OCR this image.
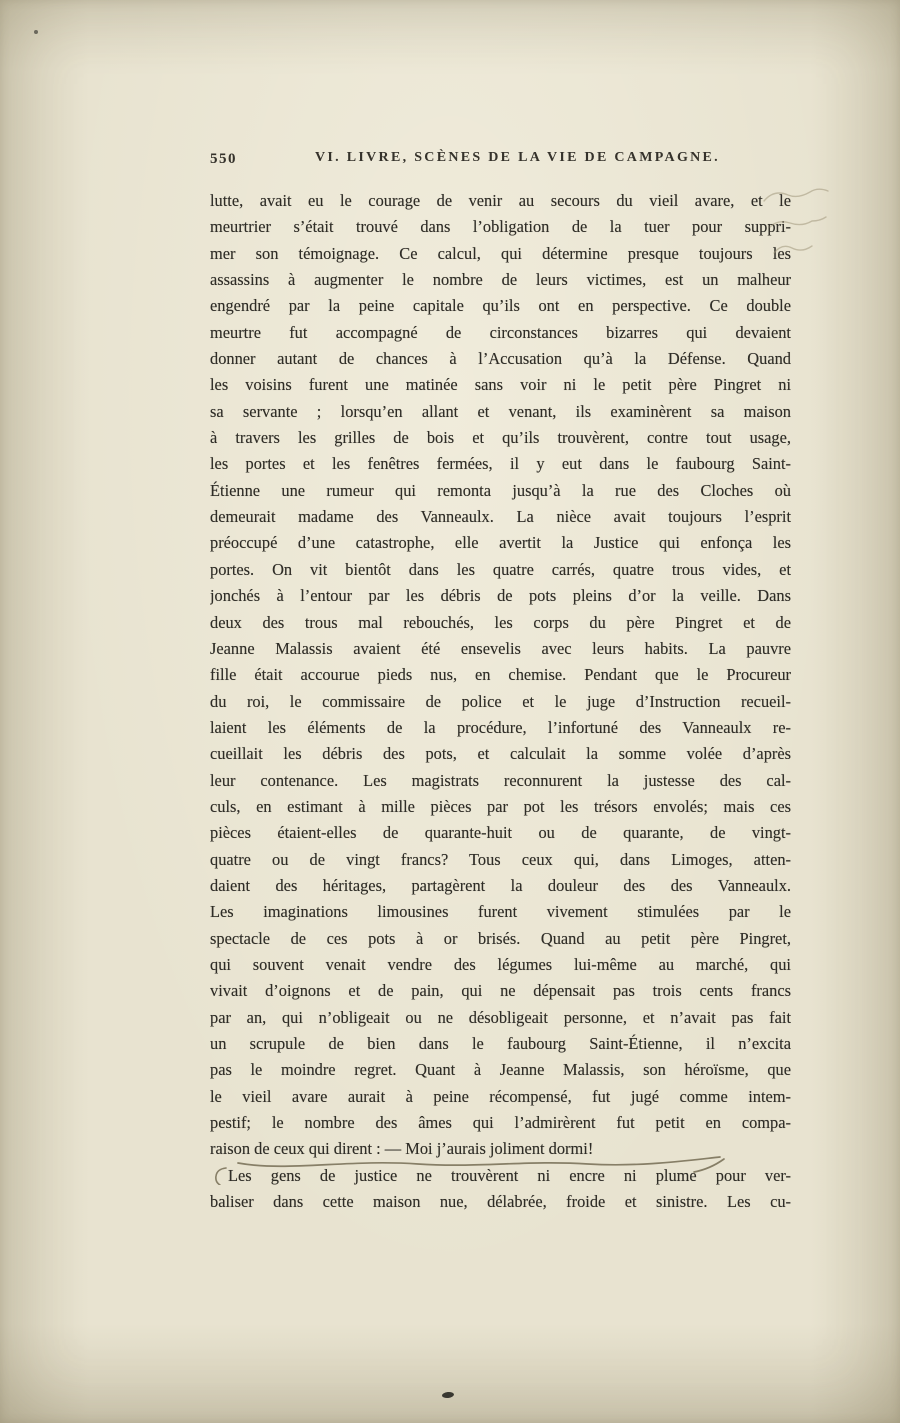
550	VI. LIVRE, SCÈNES DE LA VIE DE CAMPAGNE.
lutte, avait eu le courage de venir au secours du vieil avare, et le
meurtrier s’était trouvé dans l’obligation de la tuer pour suppri-
mer son témoignage. Ce calcul, qui détermine presque toujours les
assassins à augmenter le nombre de leurs victimes, est un malheur
engendré par la peine capitale qu’ils ont en perspective. Ce double
meurtre fut accompagné de circonstances bizarres qui devaient
donner autant de chances à l’Accusation qu’à la Défense. Quand
les voisins furent une matinée sans voir ni le petit père Pingret ni
sa servante ; lorsqu’en allant et venant, ils examinèrent sa maison
à travers les grilles de bois et qu’ils trouvèrent, contre tout usage,
les portes et les fenêtres fermées, il y eut dans le faubourg Saint-
Étienne une rumeur qui remonta jusqu’à la rue des Cloches où
demeurait madame des Vanneaulx. La nièce avait toujours l’esprit
préoccupé d’une catastrophe, elle avertit la Justice qui enfonça les
portes. On vit bientôt dans les quatre carrés, quatre trous vides, et
jonchés à l’entour par les débris de pots pleins d’or la veille. Dans
deux des trous mal rebouchés, les corps du père Pingret et de
Jeanne Malassis avaient été ensevelis avec leurs habits. La pauvre
fille était accourue pieds nus, en chemise. Pendant que le Procureur
du roi, le commissaire de police et le juge d’Instruction recueil-
laient les éléments de la procédure, l’infortuné des Vanneaulx re-
cueillait les débris des pots, et calculait la somme volée d’après
leur contenance. Les magistrats reconnurent la justesse des cal-
culs, en estimant à mille pièces par pot les trésors envolés; mais ces
pièces étaient-elles de quarante-huit ou de quarante, de vingt-
quatre ou de vingt francs? Tous ceux qui, dans Limoges, atten-
daient des héritages, partagèrent la douleur des des Vanneaulx.
Les imaginations limousines furent vivement stimulées par le
spectacle de ces pots à or brisés. Quand au petit père Pingret,
qui souvent venait vendre des légumes lui-même au marché, qui
vivait d’oignons et de pain, qui ne dépensait pas trois cents francs
par an, qui n’obligeait ou ne désobligeait personne, et n’avait pas fait
un scrupule de bien dans le faubourg Saint-Étienne, il n’excita
pas le moindre regret. Quant à Jeanne Malassis, son héroïsme, que
le vieil avare aurait à peine récompensé, fut jugé comme intem-
pestif; le nombre des âmes qui l’admirèrent fut petit en compa-
raison de ceux qui dirent : — Moi j’aurais joliment dormi!
Les gens de justice ne trouvèrent ni encre ni plume pour ver-
baliser dans cette maison nue, délabrée, froide et sinistre. Les cu-
